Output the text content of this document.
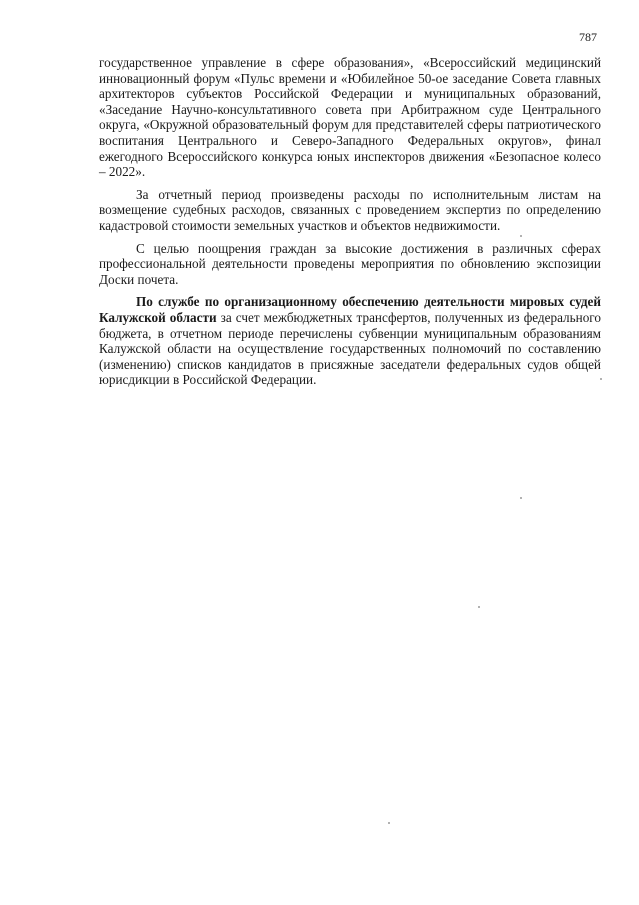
787

государственное управление в сфере образования», «Всероссийский медицинский инновационный форум «Пульс времени и «Юбилейное 50-ое заседание Совета главных архитекторов субъектов Российской Федерации и муниципальных образований, «Заседание Научно-консультативного совета при Арбитражном суде Центрального округа, «Окружной образовательный форум для представителей сферы патриотического воспитания Центрального и Северо-Западного Федеральных округов», финал ежегодного Всероссийского конкурса юных инспекторов движения «Безопасное колесо – 2022».

За отчетный период произведены расходы по исполнительным листам на возмещение судебных расходов, связанных с проведением экспертиз по определению кадастровой стоимости земельных участков и объектов недвижимости.

С целью поощрения граждан за высокие достижения в различных сферах профессиональной деятельности проведены мероприятия по обновлению экспозиции Доски почета.

По службе по организационному обеспечению деятельности мировых судей Калужской области за счет межбюджетных трансфертов, полученных из федерального бюджета, в отчетном периоде перечислены субвенции муниципальным образованиям Калужской области на осуществление государственных полномочий по составлению (изменению) списков кандидатов в присяжные заседатели федеральных судов общей юрисдикции в Российской Федерации.
